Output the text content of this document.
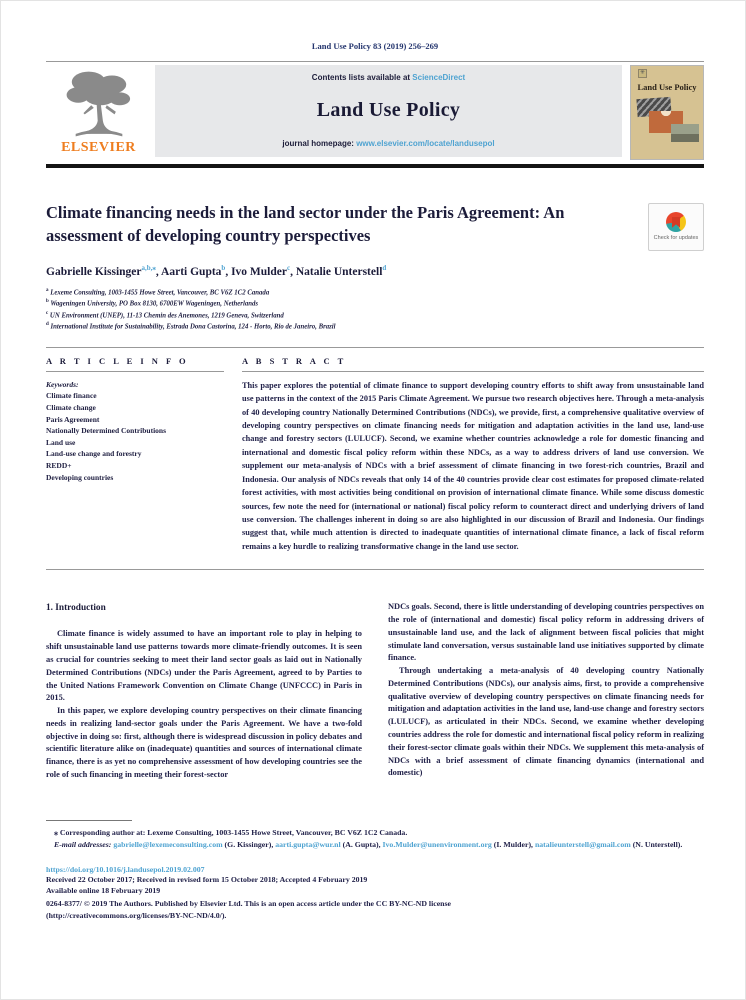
Land Use Policy 83 (2019) 256–269
ELSEVIER
Contents lists available at ScienceDirect
Land Use Policy
journal homepage: www.elsevier.com/locate/landusepol
✳
Land Use Policy
Climate financing needs in the land sector under the Paris Agreement: An assessment of developing country perspectives	Check for updates
Gabrielle Kissinger$^{a,b,⁎}$, Aarti Gupta$^b$, Ivo Mulder$^c$, Natalie Unterstell$^d$
$^a$ Lexeme Consulting, 1003-1455 Howe Street, Vancouver, BC V6Z 1C2 Canada
$^b$ Wageningen University, PO Box 8130, 6700EW Wageningen, Netherlands
$^c$ UN Environment (UNEP), 11-13 Chemin des Anemones, 1219 Geneva, Switzerland
$^d$ International Institute for Sustainability, Estrada Dona Castorina, 124 - Horto, Rio de Janeiro, Brazil
A R T I C L E I N F O
Keywords:
Climate finance
Climate change
Paris Agreement
Nationally Determined Contributions
Land use
Land-use change and forestry
REDD+
Developing countries
A B S T R A C T
This paper explores the potential of climate finance to support developing country efforts to shift away from unsustainable land use patterns in the context of the 2015 Paris Climate Agreement. We pursue two research objectives here. Through a meta-analysis of 40 developing country Nationally Determined Contributions (NDCs), we provide, first, a comprehensive qualitative overview of developing country perspectives on climate financing needs for mitigation and adaptation activities in the land use, land-use change and forestry sectors (LULUCF). Second, we examine whether countries acknowledge a role for domestic financing and international and domestic fiscal policy reform within these NDCs, as a way to address drivers of land use conversion. We supplement our meta-analysis of NDCs with a brief assessment of climate financing in two forest-rich countries, Brazil and Indonesia. Our analysis of NDCs reveals that only 14 of the 40 countries provide clear cost estimates for proposed climate-related forest activities, with most activities being conditional on provision of international climate finance. While some discuss domestic sources, few note the need for (international or national) fiscal policy reform to counteract direct and underlying drivers of land use conversion. The challenges inherent in doing so are also highlighted in our discussion of Brazil and Indonesia. Our findings suggest that, while much attention is directed to inadequate quantities of international climate finance, a lack of fiscal reform remains a key hurdle to realizing transformative change in the land use sector.
1. Introduction

Climate finance is widely assumed to have an important role to play in helping to shift unsustainable land use patterns towards more climate-friendly outcomes. It is seen as crucial for countries seeking to meet their land sector goals as laid out in Nationally Determined Contributions (NDCs) under the Paris Agreement, agreed to by Parties to the United Nations Framework Convention on Climate Change (UNFCCC) in Paris in 2015.

In this paper, we explore developing country perspectives on their climate financing needs in realizing land-sector goals under the Paris Agreement. We have a two-fold objective in doing so: first, although there is widespread discussion in policy debates and scientific literature alike on (inadequate) quantities and sources of international climate finance, there is as yet no comprehensive assessment of how developing countries see the role of such financing in meeting their forest-sector

NDCs goals. Second, there is little understanding of developing countries perspectives on the role of (international and domestic) fiscal policy reform in addressing drivers of unsustainable land use, and the lack of alignment between fiscal policies that might stimulate land conversation, versus sustainable land use initiatives supported by climate finance.

Through undertaking a meta-analysis of 40 developing country Nationally Determined Contributions (NDCs), our analysis aims, first, to provide a comprehensive qualitative overview of developing country perspectives on climate financing needs for mitigation and adaptation activities in the land use, land-use change and forestry sectors (LULUCF), as articulated in their NDCs. Second, we examine whether developing countries address the role for domestic and international fiscal policy reform in realizing their forest-sector climate goals within their NDCs. We supplement this meta-analysis of NDCs with a brief assessment of climate financing dynamics (international and domestic)

⁎ Corresponding author at: Lexeme Consulting, 1003-1455 Howe Street, Vancouver, BC V6Z 1C2 Canada.
E-mail addresses: gabrielle@lexemeconsulting.com (G. Kissinger), aarti.gupta@wur.nl (A. Gupta), Ivo.Mulder@unenvironment.org (I. Mulder), natalieunterstell@gmail.com (N. Unterstell).
https://doi.org/10.1016/j.landusepol.2019.02.007
Received 22 October 2017; Received in revised form 15 October 2018; Accepted 4 February 2019
Available online 18 February 2019
0264-8377/ © 2019 The Authors. Published by Elsevier Ltd. This is an open access article under the CC BY-NC-ND license
(http://creativecommons.org/licenses/BY-NC-ND/4.0/).
